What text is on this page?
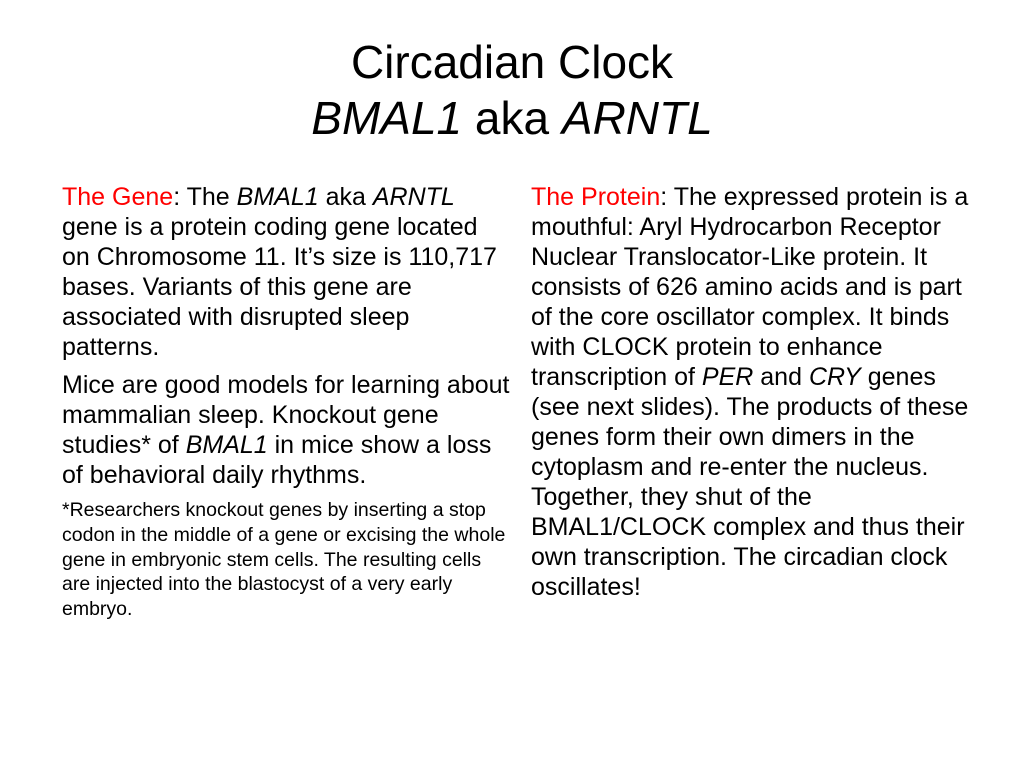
Circadian Clock
BMAL1 aka ARNTL

The Gene: The BMAL1 aka ARNTL gene is a protein coding gene located on Chromosome 11. It’s size is 110,717 bases. Variants of this gene are associated with disrupted sleep patterns.

Mice are good models for learning about mammalian sleep. Knockout gene studies* of BMAL1 in mice show a loss of behavioral daily rhythms.

*Researchers knockout genes by inserting a stop codon in the middle of a gene or excising the whole gene in embryonic stem cells. The resulting cells are injected into the blastocyst of a very early embryo.

The Protein: The expressed protein is a mouthful: Aryl Hydrocarbon Receptor Nuclear Translocator-Like protein. It consists of 626 amino acids and is part of the core oscillator complex. It binds with CLOCK protein to enhance transcription of PER and CRY genes (see next slides). The products of these genes form their own dimers in the cytoplasm and re-enter the nucleus. Together, they shut of the BMAL1/CLOCK complex and thus their own transcription. The circadian clock oscillates!
